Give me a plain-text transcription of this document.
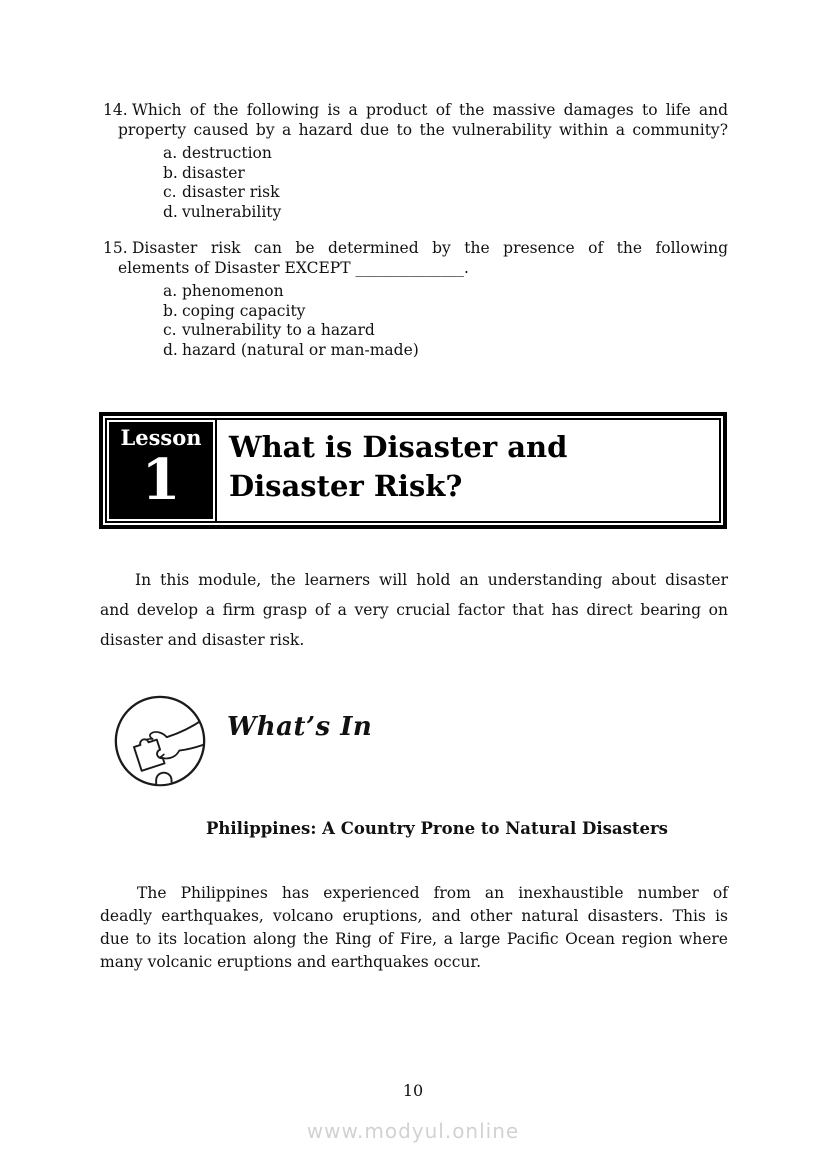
14. Which of the following is a product of the massive damages to life and
property caused by a hazard due to the vulnerability within a community?
a. destruction
b. disaster
c. disaster risk
d. vulnerability
15. Disaster risk can be determined by the presence of the following
elements of Disaster EXCEPT ______________.
a. phenomenon
b. coping capacity
c. vulnerability to a hazard
d. hazard (natural or man-made)
Lesson
1	What is Disaster and
Disaster Risk?
In this module, the learners will hold an understanding about disaster
and develop a firm grasp of a very crucial factor that has direct bearing on
disaster and disaster risk.
What’s In
Philippines: A Country Prone to Natural Disasters
The Philippines has experienced from an inexhaustible number of
deadly earthquakes, volcano eruptions, and other natural disasters. This is
due to its location along the Ring of Fire, a large Pacific Ocean region where
many volcanic eruptions and earthquakes occur.
10
www.modyul.online
